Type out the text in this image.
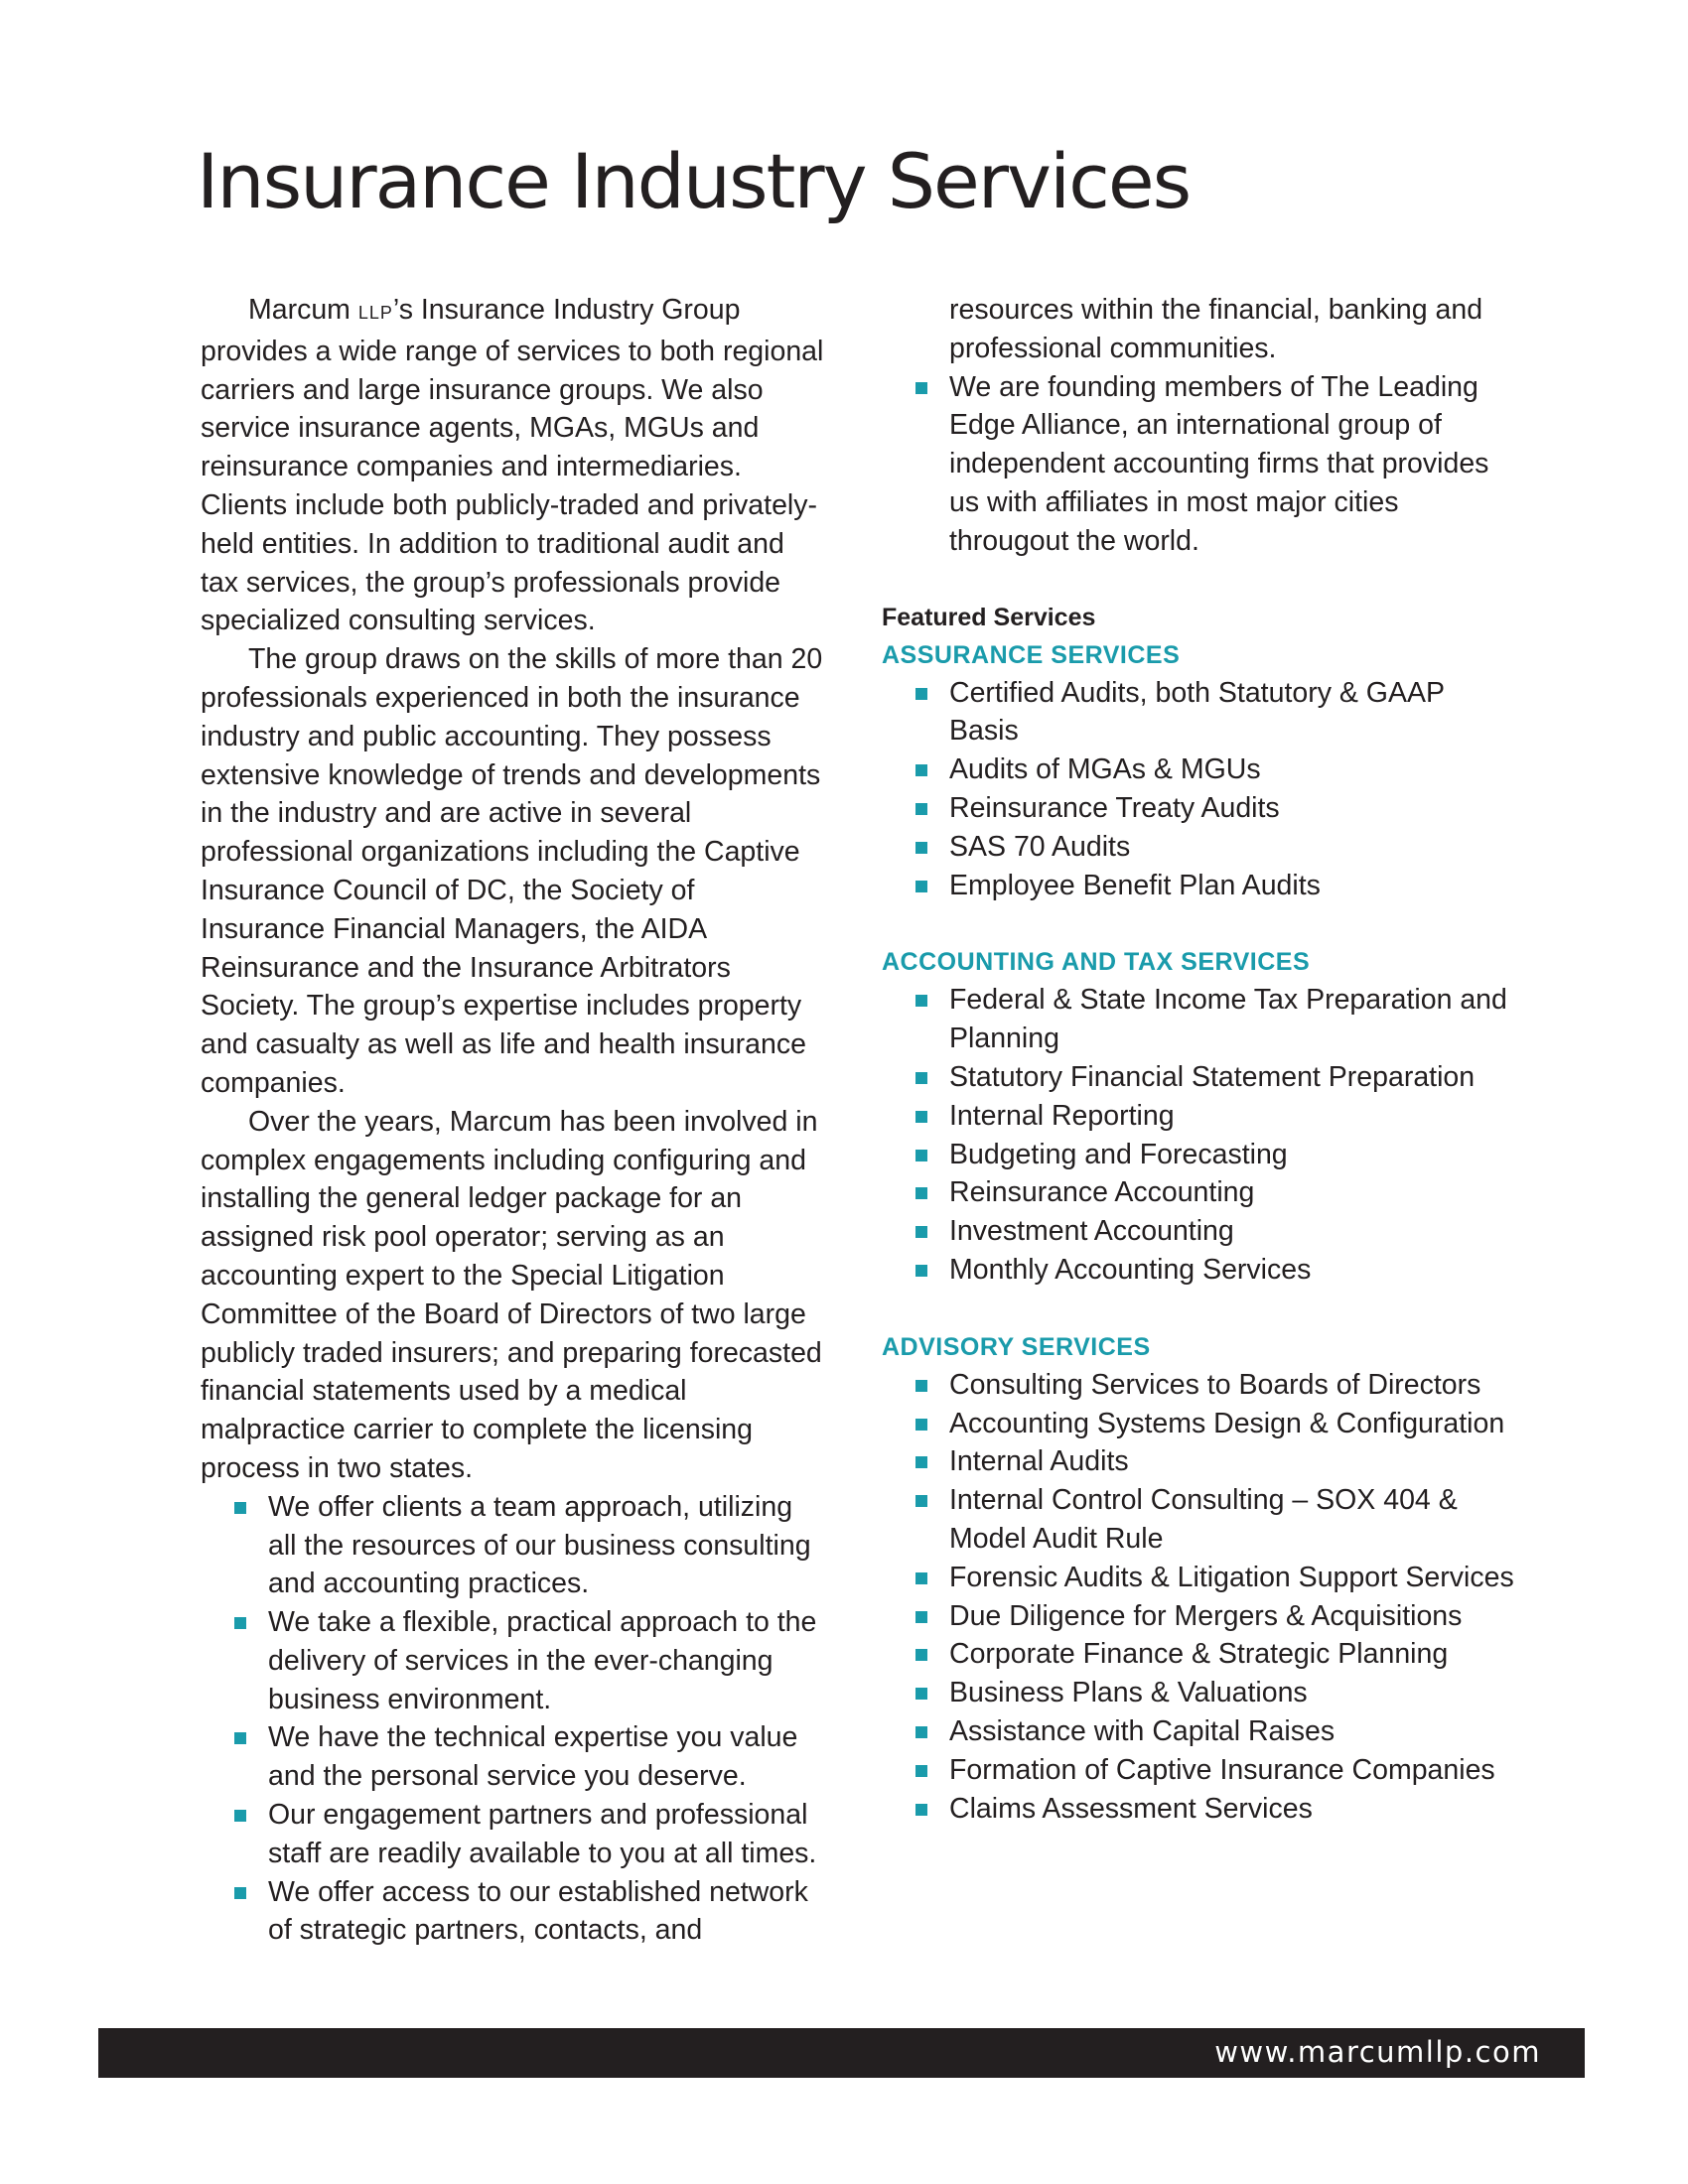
Insurance Industry Services

Marcum LLP’s Insurance Industry Group provides a wide range of services to both regional carriers and large insurance groups. We also service insurance agents, MGAs, MGUs and reinsurance companies and intermediaries. Clients include both publicly-traded and privately-held entities. In addition to traditional audit and tax services, the group’s professionals provide specialized consulting services.

The group draws on the skills of more than 20 professionals experienced in both the insurance industry and public accounting. They possess extensive knowledge of trends and developments in the industry and are active in several professional organizations including the Captive Insurance Council of DC, the Society of Insurance Financial Managers, the AIDA Reinsurance and the Insurance Arbitrators Society. The group’s expertise includes property and casualty as well as life and health insurance companies.

Over the years, Marcum has been involved in complex engagements including configuring and installing the general ledger package for an assigned risk pool operator; serving as an accounting expert to the Special Litigation Committee of the Board of Directors of two large publicly traded insurers; and preparing forecasted financial statements used by a medical malpractice carrier to complete the licensing process in two states.

We offer clients a team approach, utilizing all the resources of our business consulting and accounting practices.
We take a flexible, practical approach to the delivery of services in the ever-changing business environment.
We have the technical expertise you value and the personal service you deserve.
Our engagement partners and professional staff are readily available to you at all times.
We offer access to our established network of strategic partners, contacts, and

resources within the financial, banking and professional communities.

We are founding members of The Leading Edge Alliance, an international group of independent accounting firms that provides us with affiliates in most major cities througout the world.
Featured Services
ASSURANCE SERVICES
Certified Audits, both Statutory & GAAP Basis
Audits of MGAs & MGUs
Reinsurance Treaty Audits
SAS 70 Audits
Employee Benefit Plan Audits
ACCOUNTING AND TAX SERVICES
Federal & State Income Tax Preparation and Planning
Statutory Financial Statement Preparation
Internal Reporting
Budgeting and Forecasting
Reinsurance Accounting
Investment Accounting
Monthly Accounting Services
ADVISORY SERVICES
Consulting Services to Boards of Directors
Accounting Systems Design & Configuration
Internal Audits
Internal Control Consulting – SOX 404 & Model Audit Rule
Forensic Audits & Litigation Support Services
Due Diligence for Mergers & Acquisitions
Corporate Finance & Strategic Planning
Business Plans & Valuations
Assistance with Capital Raises
Formation of Captive Insurance Companies
Claims Assessment Services
www.marcumllp.com
